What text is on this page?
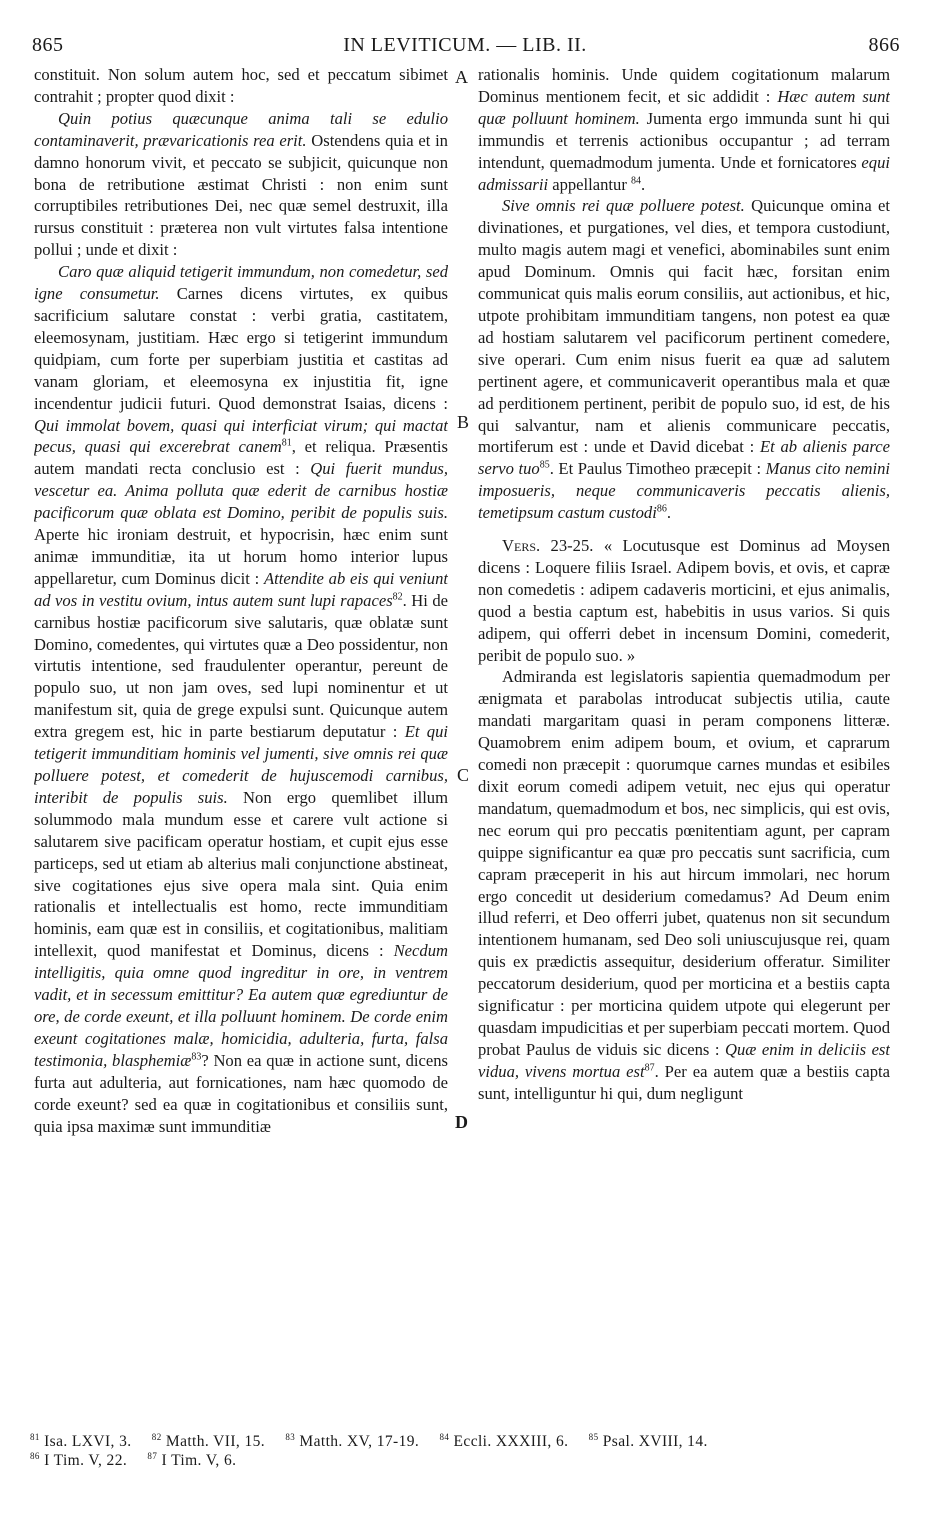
865	IN LEVITICUM. — LIB. II.	866

constituit. Non solum autem hoc, sed et peccatum sibimet contrahit ; propter quod dixit :

Quin potius quæcunque anima tali se edulio contaminaverit, prævaricationis rea erit. Ostendens quia et in damno honorum vivit, et peccato se subjicit, quicunque non bona de retributione æstimat Christi : non enim sunt corruptibiles retributiones Dei, nec quæ semel destruxit, illa rursus constituit : præterea non vult virtutes falsa intentione pollui ; unde et dixit :

Caro quæ aliquid tetigerit immundum, non comedetur, sed igne consumetur. Carnes dicens virtutes, ex quibus sacrificium salutare constat : verbi gratia, castitatem, eleemosynam, justitiam. Hæc ergo si tetigerint immundum quidpiam, cum forte per superbiam justitia et castitas ad vanam gloriam, et eleemosyna ex injustitia fit, igne incendentur judicii futuri. Quod demonstrat Isaias, dicens : Qui immolat bovem, quasi qui interficiat virum; qui mactat pecus, quasi qui excerebrat canem$^{81}$, et reliqua. Præsentis autem mandati recta conclusio est : Qui fuerit mundus, vescetur ea. Anima polluta quæ ederit de carnibus hostiæ pacificorum quæ oblata est Domino, peribit de populis suis. Aperte hic ironiam destruit, et hypocrisin, hæc enim sunt animæ immunditiæ, ita ut horum homo interior lupus appellaretur, cum Dominus dicit : Attendite ab eis qui veniunt ad vos in vestitu ovium, intus autem sunt lupi rapaces$^{82}$. Hi de carnibus hostiæ pacificorum sive salutaris, quæ oblatæ sunt Domino, comedentes, qui virtutes quæ a Deo possidentur, non virtutis intentione, sed fraudulenter operantur, pereunt de populo suo, ut non jam oves, sed lupi nominentur et ut manifestum sit, quia de grege expulsi sunt. Quicunque autem extra gregem est, hic in parte bestiarum deputatur : Et qui tetigerit immunditiam hominis vel jumenti, sive omnis rei quæ polluere potest, et comederit de hujuscemodi carnibus, interibit de populis suis. Non ergo quemlibet illum solummodo mala mundum esse et carere vult actione si salutarem sive pacificam operatur hostiam, et cupit ejus esse particeps, sed ut etiam ab alterius mali conjunctione abstineat, sive cogitationes ejus sive opera mala sint. Quia enim rationalis et intellectualis est homo, recte immunditiam hominis, eam quæ est in consiliis, et cogitationibus, malitiam intellexit, quod manifestat et Dominus, dicens : Necdum intelligitis, quia omne quod ingreditur in ore, in ventrem vadit, et in secessum emittitur? Ea autem quæ egrediuntur de ore, de corde exeunt, et illa polluunt hominem. De corde enim exeunt cogitationes malæ, homicidia, adulteria, furta, falsa testimonia, blasphemiæ$^{83}$? Non ea quæ in actione sunt, dicens furta aut adulteria, aut fornicationes, nam hæc quomodo de corde exeunt? sed ea quæ in cogitationibus et consiliis sunt, quia ipsa maximæ sunt immunditiæ

A
B
C
D

rationalis hominis. Unde quidem cogitationum malarum Dominus mentionem fecit, et sic addidit : Hæc autem sunt quæ polluunt hominem. Jumenta ergo immunda sunt hi qui immundis et terrenis actionibus occupantur ; ad terram intendunt, quemadmodum jumenta. Unde et fornicatores equi admissarii appellantur $^{84}$.

Sive omnis rei quæ polluere potest. Quicunque omina et divinationes, et purgationes, vel dies, et tempora custodiunt, multo magis autem magi et venefici, abominabiles sunt enim apud Dominum. Omnis qui facit hæc, forsitan enim communicat quis malis eorum consiliis, aut actionibus, et hic, utpote prohibitam immunditiam tangens, non potest ea quæ ad hostiam salutarem vel pacificorum pertinent comedere, sive operari. Cum enim nisus fuerit ea quæ ad salutem pertinent agere, et communicaverit operantibus mala et quæ ad perditionem pertinent, peribit de populo suo, id est, de his qui salvantur, nam et alienis communicare peccatis, mortiferum est : unde et David dicebat : Et ab alienis parce servo tuo$^{85}$. Et Paulus Timotheo præcepit : Manus cito nemini imposueris, neque communicaveris peccatis alienis, temetipsum castum custodi$^{86}$.

Vers. 23-25. « Locutusque est Dominus ad Moysen dicens : Loquere filiis Israel. Adipem bovis, et ovis, et capræ non comedetis : adipem cadaveris morticini, et ejus animalis, quod a bestia captum est, habebitis in usus varios. Si quis adipem, qui offerri debet in incensum Domini, comederit, peribit de populo suo. »

Admiranda est legislatoris sapientia quemadmodum per ænigmata et parabolas introducat subjectis utilia, caute mandati margaritam quasi in peram componens litteræ. Quamobrem enim adipem boum, et ovium, et caprarum comedi non præcepit : quorumque carnes mundas et esibiles dixit eorum comedi adipem vetuit, nec ejus qui operatur mandatum, quemadmodum et bos, nec simplicis, qui est ovis, nec eorum qui pro peccatis pœnitentiam agunt, per capram quippe significantur ea quæ pro peccatis sunt sacrificia, cum capram præceperit in his aut hircum immolari, nec horum ergo concedit ut desiderium comedamus? Ad Deum enim illud referri, et Deo offerri jubet, quatenus non sit secundum intentionem humanam, sed Deo soli uniuscujusque rei, quam quis ex prædictis assequitur, desiderium offeratur. Similiter peccatorum desiderium, quod per morticina et a bestiis capta significatur : per morticina quidem utpote qui elegerunt per quasdam impudicitias et per superbiam peccati mortem. Quod probat Paulus de viduis sic dicens : Quæ enim in deliciis est vidua, vivens mortua est$^{87}$. Per ea autem quæ a bestiis capta sunt, intelliguntur hi qui, dum negligunt

$^{81}$ Isa. LXVI, 3. $^{82}$ Matth. VII, 15. $^{83}$ Matth. XV, 17-19. $^{84}$ Eccli. XXXIII, 6. $^{85}$ Psal. XVIII, 14.
$^{86}$ I Tim. V, 22. $^{87}$ I Tim. V, 6.
